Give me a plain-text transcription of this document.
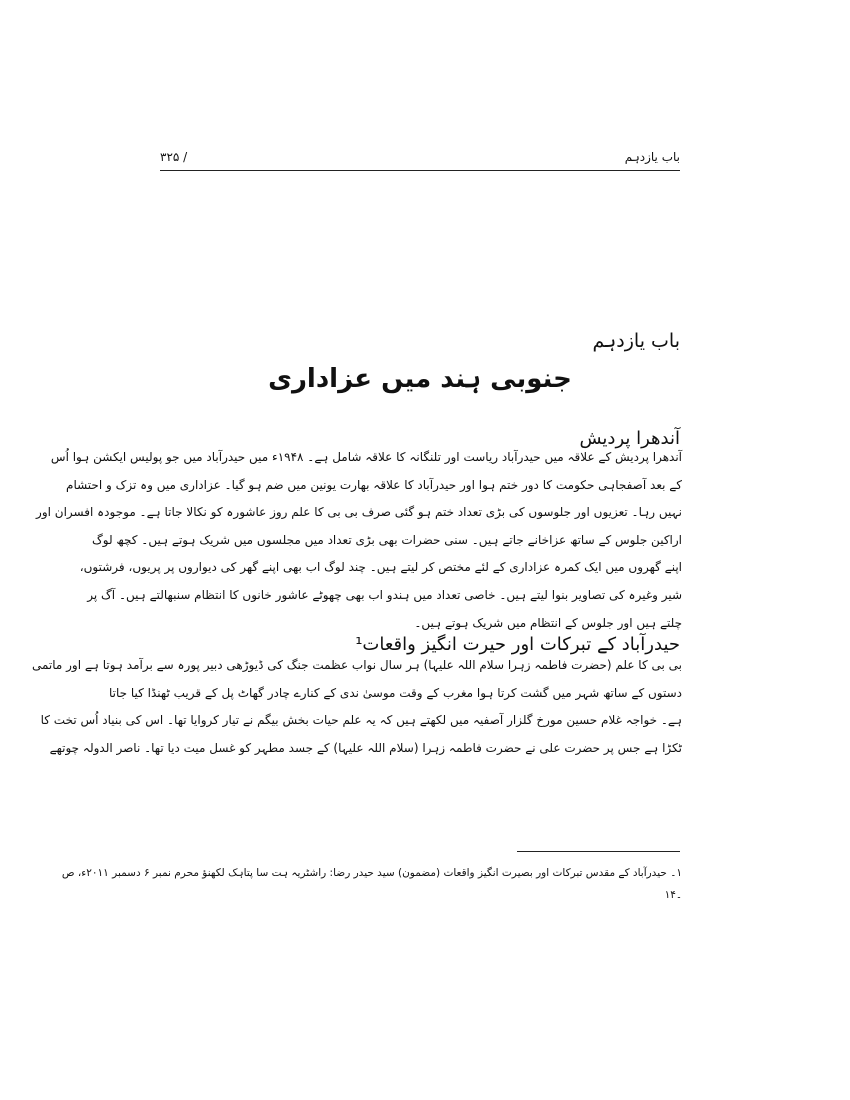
باب یازدہم
۳۲۵ /
باب یازدہم
جنوبی ہند میں عزاداری
آندھرا پردیش
آندھرا پردیش کے علاقہ میں حیدرآباد ریاست اور تلنگانہ کا علاقہ شامل ہے۔ ۱۹۴۸ء میں حیدرآباد میں جو پولیس ایکشن ہوا اُس
کے بعد آصفجاہی حکومت کا دور ختم ہوا اور حیدرآباد کا علاقہ بھارت یونین میں ضم ہو گیا۔ عزاداری میں وہ تزک و احتشام
نہیں رہا۔ تعزیوں اور جلوسوں کی بڑی تعداد ختم ہو گئی صرف بی بی کا علم روز عاشورہ کو نکالا جاتا ہے۔ موجودہ افسران اور
اراکین جلوس کے ساتھ عزاخانے جاتے ہیں۔ سنی حضرات بھی بڑی تعداد میں مجلسوں میں شریک ہوتے ہیں۔ کچھ لوگ
اپنے گھروں میں ایک کمرہ عزاداری کے لئے مختص کر لیتے ہیں۔ چند لوگ اب بھی اپنے گھر کی دیواروں پر پریوں، فرشتوں،
شیر وغیرہ کی تصاویر بنوا لیتے ہیں۔ خاصی تعداد میں ہندو اب بھی چھوٹے عاشور خانوں کا انتظام سنبھالتے ہیں۔ آگ پر
چلتے ہیں اور جلوس کے انتظام میں شریک ہوتے ہیں۔
حیدرآباد کے تبرکات اور حیرت انگیز واقعات¹
بی بی کا علم (حضرت فاطمہ زہرا سلام اللہ علیہا) ہر سال نواب عظمت جنگ کی ڈیوڑھی دبیر پورہ سے برآمد ہوتا ہے اور ماتمی
دستوں کے ساتھ شہر میں گشت کرتا ہوا مغرب کے وقت موسیٰ ندی کے کنارے چادر گھاٹ پل کے قریب ٹھنڈا کیا جاتا
ہے۔ خواجہ غلام حسین مورخ گلزار آصفیہ میں لکھتے ہیں کہ یہ علم حیات بخش بیگم نے تیار کروایا تھا۔ اس کی بنیاد اُس تخت کا
ٹکڑا ہے جس پر حضرت علی نے حضرت فاطمہ زہرا (سلام اللہ علیہا) کے جسد مطہر کو غسل میت دیا تھا۔ ناصر الدولہ چوتھے
۱۔ حیدرآباد کے مقدس تبرکات اور بصیرت انگیز واقعات (مضمون) سید حیدر رضا: راشٹریہ ہت سا پتاہک لکھنؤ محرم نمبر ۶ دسمبر ۲۰۱۱ء، ص
۔۱۴
